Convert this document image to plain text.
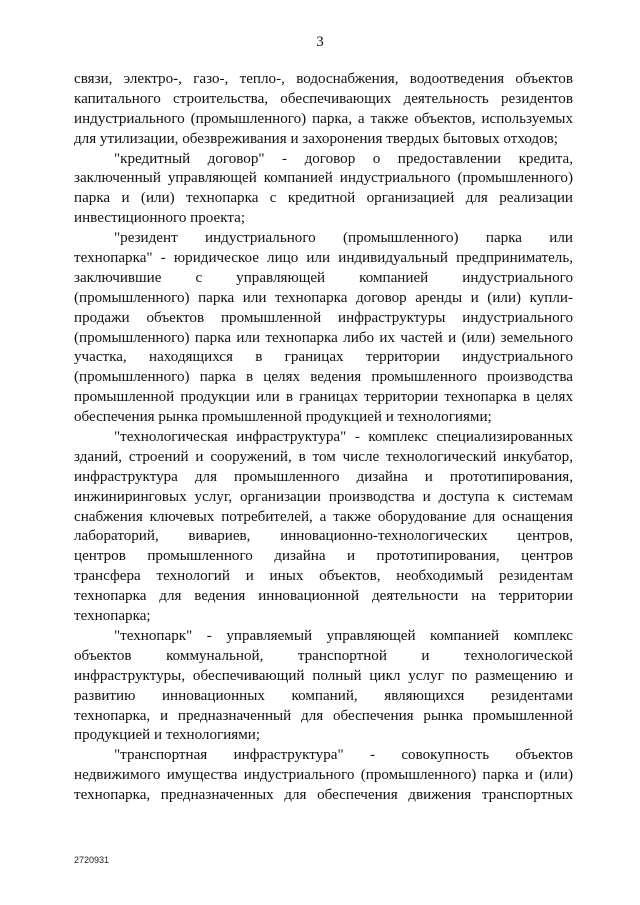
3
связи, электро-, газо-, тепло-, водоснабжения, водоотведения объектов
капитального строительства, обеспечивающих деятельность резидентов
индустриального (промышленного) парка, а также объектов, используемых
для утилизации, обезвреживания и захоронения твердых бытовых отходов;
"кредитный договор" - договор о предоставлении кредита,
заключенный управляющей компанией индустриального (промышленного)
парка и (или) технопарка с кредитной организацией для реализации
инвестиционного проекта;
"резидент индустриального (промышленного) парка или
технопарка" - юридическое лицо или индивидуальный предприниматель,
заключившие с управляющей компанией индустриального
(промышленного) парка или технопарка договор аренды и (или) купли-
продажи объектов промышленной инфраструктуры индустриального
(промышленного) парка или технопарка либо их частей и (или) земельного
участка, находящихся в границах территории индустриального
(промышленного) парка в целях ведения промышленного производства
промышленной продукции или в границах территории технопарка в целях
обеспечения рынка промышленной продукцией и технологиями;
"технологическая инфраструктура" - комплекс специализированных
зданий, строений и сооружений, в том числе технологический инкубатор,
инфраструктура для промышленного дизайна и прототипирования,
инжиниринговых услуг, организации производства и доступа к системам
снабжения ключевых потребителей, а также оборудование для оснащения
лабораторий, вивариев, инновационно-технологических центров,
центров промышленного дизайна и прототипирования, центров
трансфера технологий и иных объектов, необходимый резидентам
технопарка для ведения инновационной деятельности на территории
технопарка;
"технопарк" - управляемый управляющей компанией комплекс
объектов коммунальной, транспортной и технологической
инфраструктуры, обеспечивающий полный цикл услуг по размещению и
развитию инновационных компаний, являющихся резидентами
технопарка, и предназначенный для обеспечения рынка промышленной
продукцией и технологиями;
"транспортная инфраструктура" - совокупность объектов
недвижимого имущества индустриального (промышленного) парка и (или)
технопарка, предназначенных для обеспечения движения транспортных
2720931
